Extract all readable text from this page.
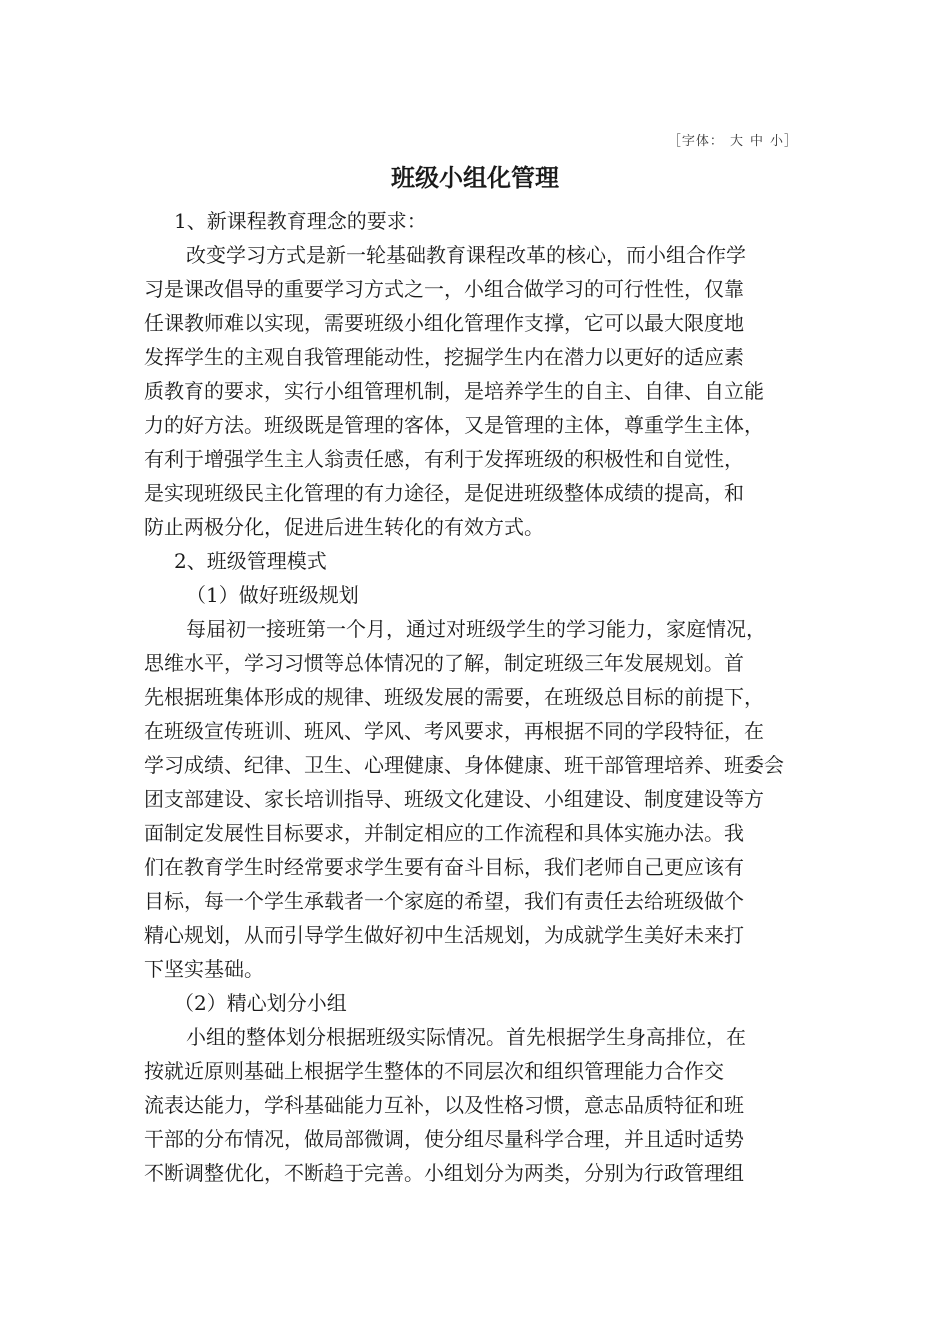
［字体： 大 中 小］
班级小组化管理
1、新课程教育理念的要求：
改变学习方式是新一轮基础教育课程改革的核心，而小组合作学
习是课改倡导的重要学习方式之一，小组合做学习的可行性性，仅靠
任课教师难以实现，需要班级小组化管理作支撑，它可以最大限度地
发挥学生的主观自我管理能动性，挖掘学生内在潜力以更好的适应素
质教育的要求，实行小组管理机制，是培养学生的自主、自律、自立能
力的好方法。班级既是管理的客体，又是管理的主体，尊重学生主体，
有利于增强学生主人翁责任感，有利于发挥班级的积极性和自觉性，
是实现班级民主化管理的有力途径，是促进班级整体成绩的提高，和
防止两极分化，促进后进生转化的有效方式。
2、班级管理模式
（1）做好班级规划
每届初一接班第一个月，通过对班级学生的学习能力，家庭情况，
思维水平，学习习惯等总体情况的了解，制定班级三年发展规划。首
先根据班集体形成的规律、班级发展的需要，在班级总目标的前提下，
在班级宣传班训、班风、学风、考风要求，再根据不同的学段特征，在
学习成绩、纪律、卫生、心理健康、身体健康、班干部管理培养、班委会
团支部建设、家长培训指导、班级文化建设、小组建设、制度建设等方
面制定发展性目标要求，并制定相应的工作流程和具体实施办法。我
们在教育学生时经常要求学生要有奋斗目标，我们老师自己更应该有
目标，每一个学生承载者一个家庭的希望，我们有责任去给班级做个
精心规划，从而引导学生做好初中生活规划，为成就学生美好未来打
下坚实基础。
（2）精心划分小组
小组的整体划分根据班级实际情况。首先根据学生身高排位，在
按就近原则基础上根据学生整体的不同层次和组织管理能力合作交
流表达能力，学科基础能力互补，以及性格习惯，意志品质特征和班
干部的分布情况，做局部微调，使分组尽量科学合理，并且适时适势
不断调整优化，不断趋于完善。小组划分为两类，分别为行政管理组
